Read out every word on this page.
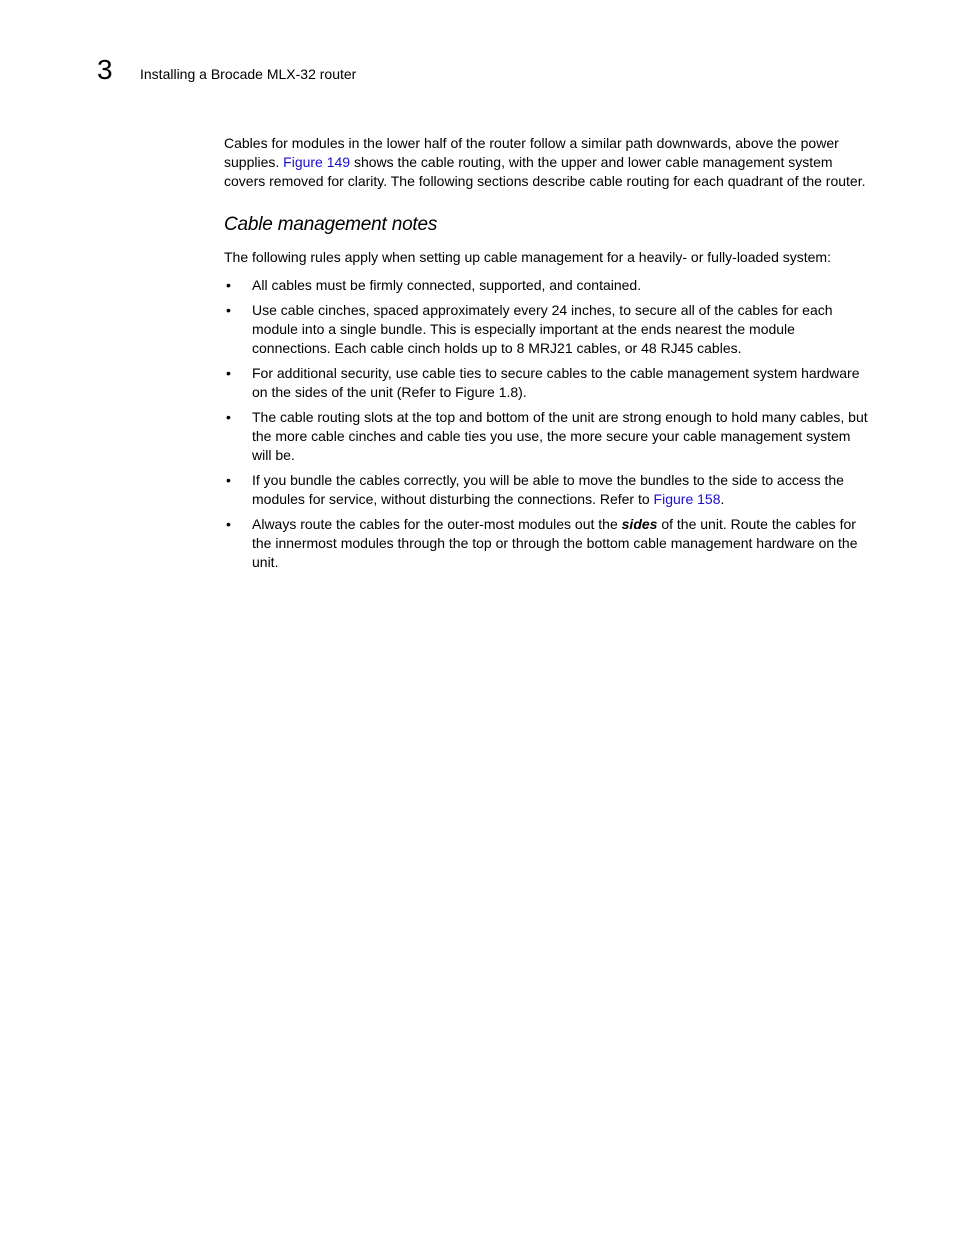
3 Installing a Brocade MLX-32 router

Cables for modules in the lower half of the router follow a similar path downwards, above the power supplies. Figure 149 shows the cable routing, with the upper and lower cable management system covers removed for clarity. The following sections describe cable routing for each quadrant of the router.

Cable management notes

The following rules apply when setting up cable management for a heavily- or fully-loaded system:

• All cables must be firmly connected, supported, and contained.
• Use cable cinches, spaced approximately every 24 inches, to secure all of the cables for each module into a single bundle. This is especially important at the ends nearest the module connections. Each cable cinch holds up to 8 MRJ21 cables, or 48 RJ45 cables.
• For additional security, use cable ties to secure cables to the cable management system hardware on the sides of the unit (Refer to Figure 1.8).
• The cable routing slots at the top and bottom of the unit are strong enough to hold many cables, but the more cable cinches and cable ties you use, the more secure your cable management system will be.
• If you bundle the cables correctly, you will be able to move the bundles to the side to access the modules for service, without disturbing the connections. Refer to Figure 158.
• Always route the cables for the outer-most modules out the sides of the unit. Route the cables for the innermost modules through the top or through the bottom cable management hardware on the unit.
